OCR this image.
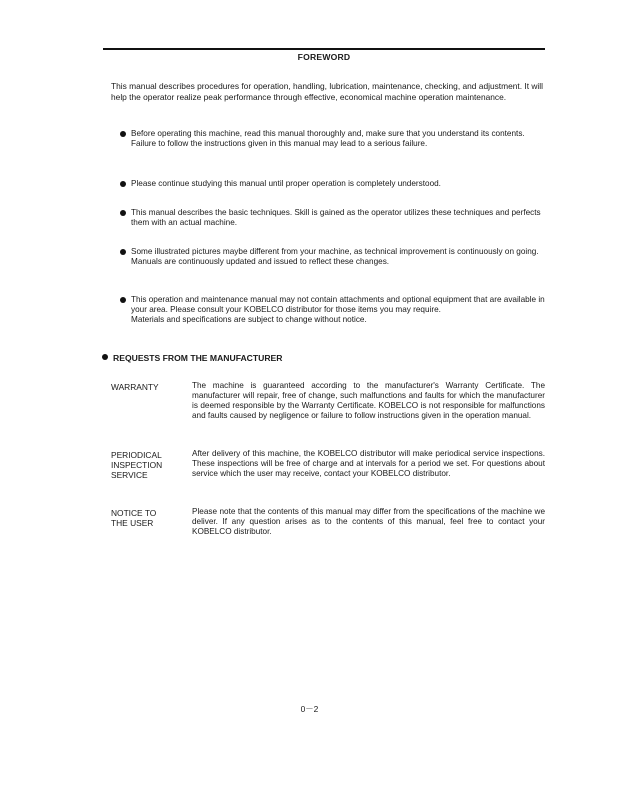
FOREWORD

This manual describes procedures for operation, handling, lubrication, maintenance, checking, and adjustment. It will help the operator realize peak performance through effective, economical machine operation maintenance.

Before operating this machine, read this manual thoroughly and, make sure that you understand its contents.
Failure to follow the instructions given in this manual may lead to a serious failure.
Please continue studying this manual until proper operation is completely understood.
This manual describes the basic techniques. Skill is gained as the operator utilizes these techniques and perfects them with an actual machine.
Some illustrated pictures maybe different from your machine, as technical improvement is continuously on going.
Manuals are continuously updated and issued to reflect these changes.
This operation and maintenance manual may not contain attachments and optional equipment that are available in your area. Please consult your KOBELCO distributor for those items you may require.
Materials and specifications are subject to change without notice.
REQUESTS FROM THE MANUFACTURER
WARRANTY	The machine is guaranteed according to the manufacturer's Warranty Certificate. The manufacturer will repair, free of change, such malfunctions and faults for which the manufacturer is deemed responsible by the Warranty Certificate. KOBELCO is not responsible for malfunctions and faults caused by negligence or failure to follow instructions given in the operation manual.
PERIODICAL
INSPECTION
SERVICE
After delivery of this machine, the KOBELCO distributor will make periodical service inspections. These inspections will be free of charge and at intervals for a period we set. For questions about service which the user may receive, contact your KOBELCO distributor.
NOTICE TO
THE USER
Please note that the contents of this manual may differ from the specifications of the machine we deliver. If any question arises as to the contents of this manual, feel free to contact your KOBELCO distributor.
0－2
